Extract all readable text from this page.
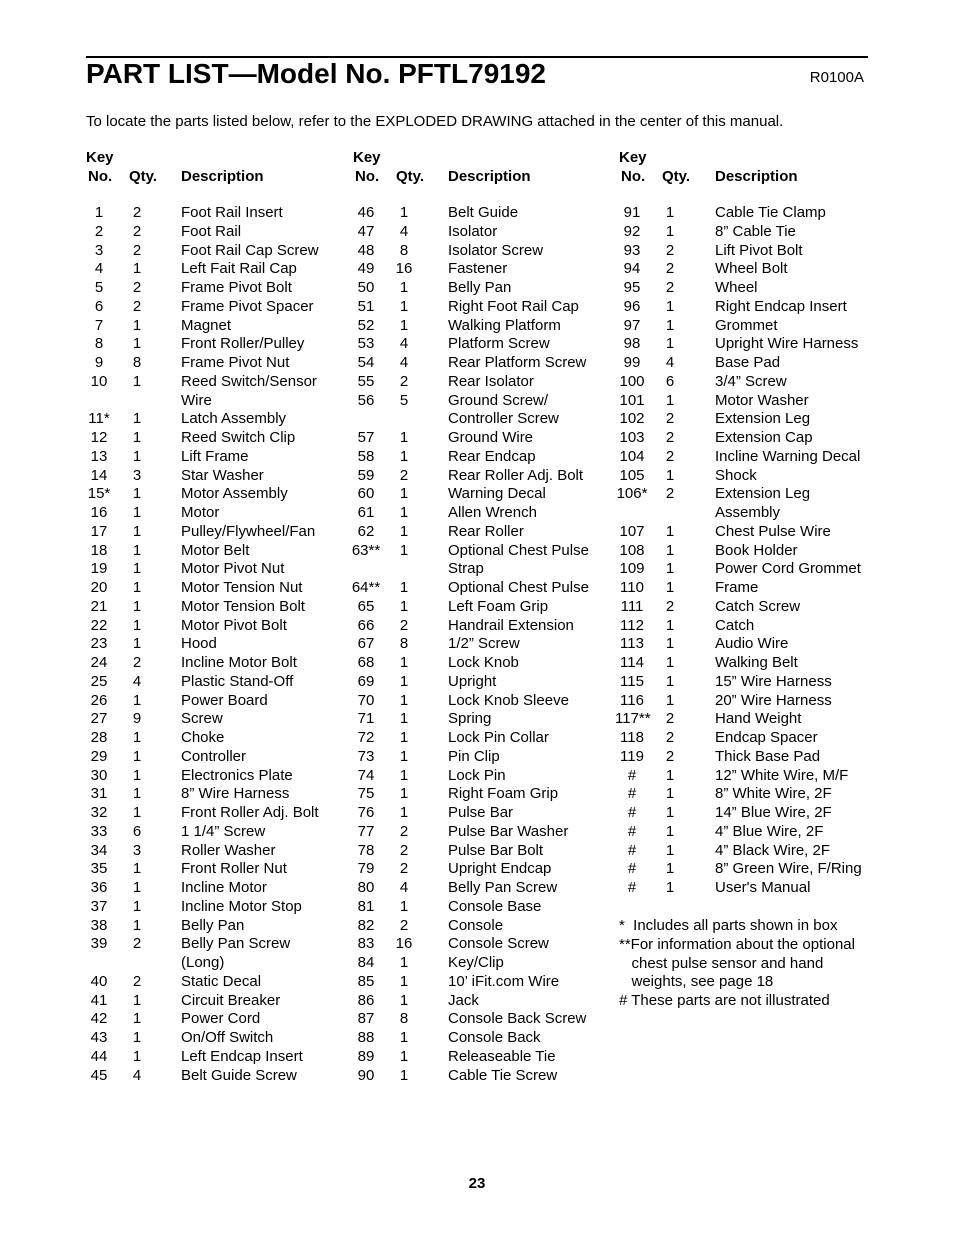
PART LIST—Model No. PFTL79192	R0100A
To locate the parts listed below, refer to the EXPLODED DRAWING attached in the center of this manual.
Key
No. Qty. Description
1	2	Foot Rail Insert
2	2	Foot Rail
3	2	Foot Rail Cap Screw
4	1	Left Fait Rail Cap
5	2	Frame Pivot Bolt
6	2	Frame Pivot Spacer
7	1	Magnet
8	1	Front Roller/Pulley
9	8	Frame Pivot Nut
10	1	Reed Switch/Sensor
Wire
11*	1	Latch Assembly
12	1	Reed Switch Clip
13	1	Lift Frame
14	3	Star Washer
15*	1	Motor Assembly
16	1	Motor
17	1	Pulley/Flywheel/Fan
18	1	Motor Belt
19	1	Motor Pivot Nut
20	1	Motor Tension Nut
21	1	Motor Tension Bolt
22	1	Motor Pivot Bolt
23	1	Hood
24	2	Incline Motor Bolt
25	4	Plastic Stand-Off
26	1	Power Board
27	9	Screw
28	1	Choke
29	1	Controller
30	1	Electronics Plate
31	1	8” Wire Harness
32	1	Front Roller Adj. Bolt
33	6	1 1/4” Screw
34	3	Roller Washer
35	1	Front Roller Nut
36	1	Incline Motor
37	1	Incline Motor Stop
38	1	Belly Pan
39	2	Belly Pan Screw
(Long)
40	2	Static Decal
41	1	Circuit Breaker
42	1	Power Cord
43	1	On/Off Switch
44	1	Left Endcap Insert
45	4	Belt Guide Screw
Key
No. Qty. Description
46	1	Belt Guide
47	4	Isolator
48	8	Isolator Screw
49	16 Fastener
50	1	Belly Pan
51	1	Right Foot Rail Cap
52	1	Walking Platform
53	4	Platform Screw
54	4	Rear Platform Screw
55	2	Rear Isolator
56	5	Ground Screw/
Controller Screw
57	1	Ground Wire
58	1	Rear Endcap
59	2	Rear Roller Adj. Bolt
60	1	Warning Decal
61	1	Allen Wrench
62	1	Rear Roller
63**	1	Optional Chest Pulse
Strap
64**	1	Optional Chest Pulse
65	1	Left Foam Grip
66	2	Handrail Extension
67	8	1/2” Screw
68	1	Lock Knob
69	1	Upright
70	1	Lock Knob Sleeve
71	1	Spring
72	1	Lock Pin Collar
73	1	Pin Clip
74	1	Lock Pin
75	1	Right Foam Grip
76	1	Pulse Bar
77	2	Pulse Bar Washer
78	2	Pulse Bar Bolt
79	2	Upright Endcap
80	4	Belly Pan Screw
81	1	Console Base
82	2	Console
83	16 Console Screw
84	1	Key/Clip
85	1	10’ iFit.com Wire
86	1	Jack
87	8	Console Back Screw
88	1	Console Back
89	1	Releaseable Tie
90	1	Cable Tie Screw
Key
No. Qty. Description
91	1	Cable Tie Clamp
92	1	8” Cable Tie
93	2	Lift Pivot Bolt
94	2	Wheel Bolt
95	2	Wheel
96	1	Right Endcap Insert
97	1	Grommet
98	1	Upright Wire Harness
99	4	Base Pad
100	6	3/4” Screw
101	1	Motor Washer
102	2	Extension Leg
103	2	Extension Cap
104	2	Incline Warning Decal
105	1	Shock
106*	2	Extension Leg
Assembly
107	1	Chest Pulse Wire
108	1	Book Holder
109	1	Power Cord Grommet
110	1	Frame
111	2	Catch Screw
112	1	Catch
113	1	Audio Wire
114	1	Walking Belt
115	1	15” Wire Harness
116	1	20” Wire Harness
117**	2	Hand Weight
118	2	Endcap Spacer
119	2	Thick Base Pad
#	1	12” White Wire, M/F
#	1	8” White Wire, 2F
#	1	14” Blue Wire, 2F
#	1	4” Blue Wire, 2F
#	1	4” Black Wire, 2F
#	1	8” Green Wire, F/Ring
#	1	User's Manual
*  Includes all parts shown in box
**For information about the optional
chest pulse sensor and hand
weights, see page 18
# These parts are not illustrated
23
